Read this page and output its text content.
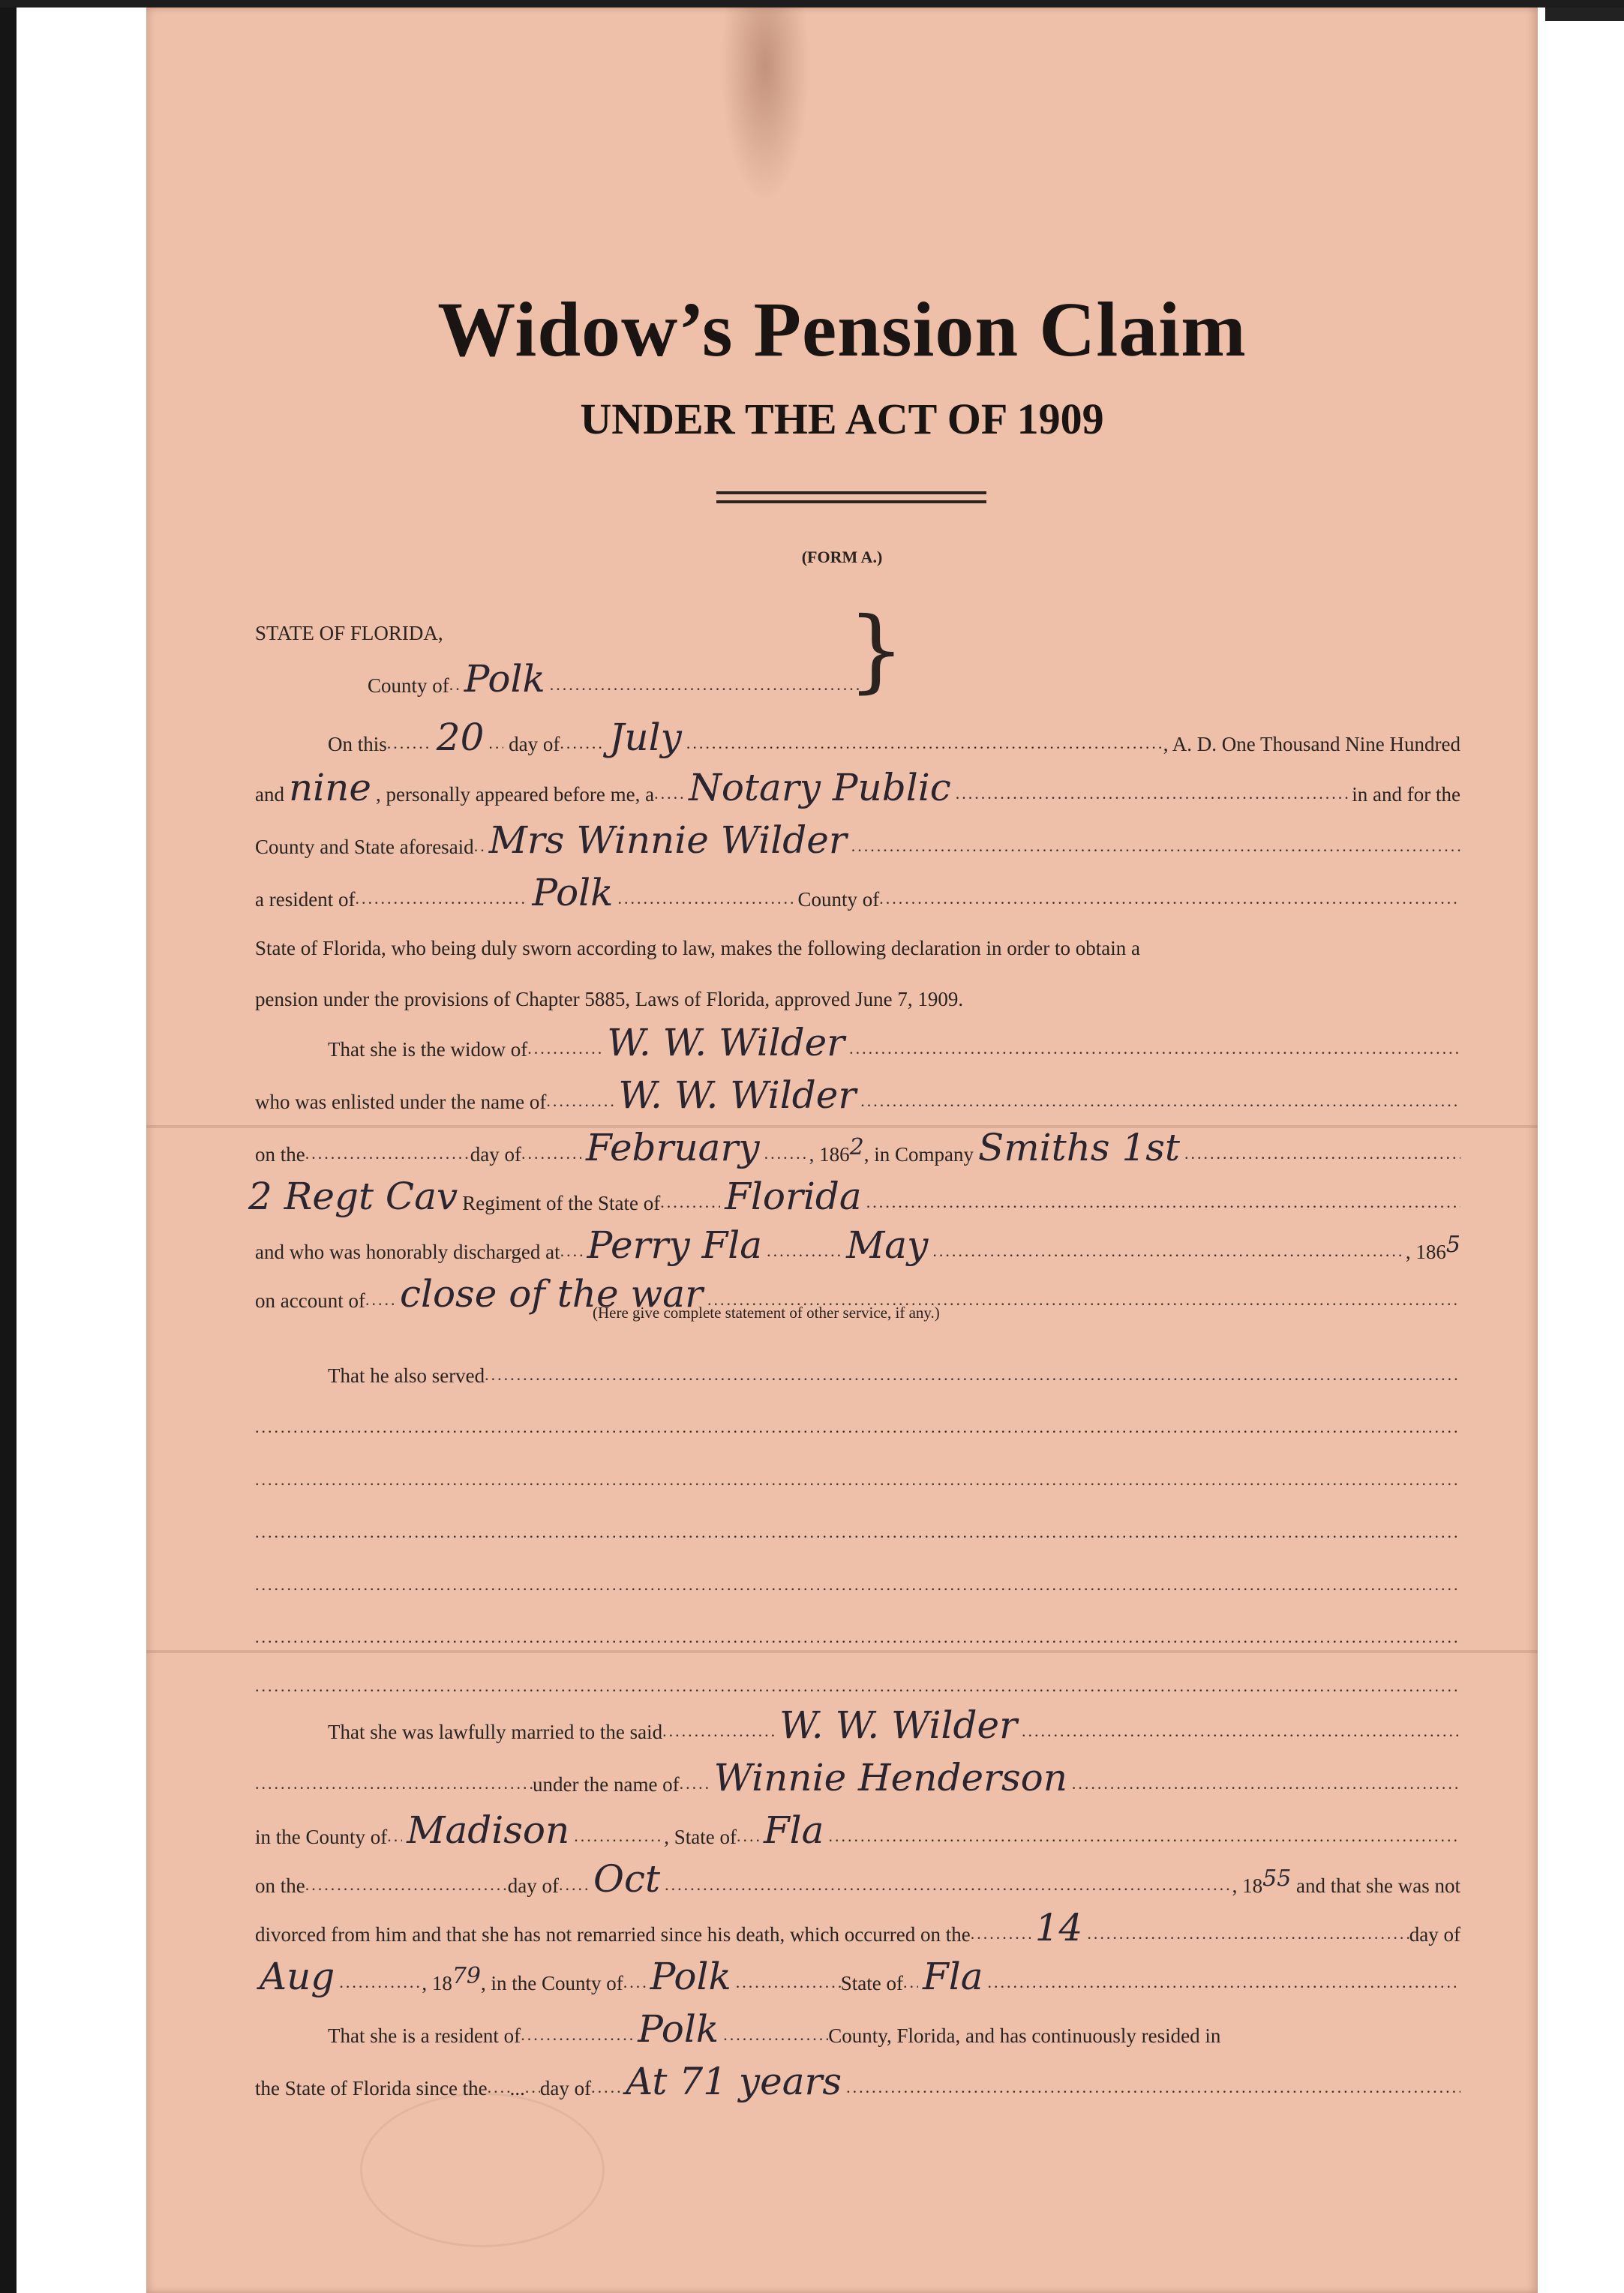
Widow’s Pension Claim
UNDER THE ACT OF 1909
(FORM A.)
STATE OF FLORIDA,
County of ..... Polk .....	}
On this ..... 20 .....
day of ..... July .....	, A. D. One Thousand Nine Hundred
and nine , personally appeared before me, a ..... Notary Public .....	in and for the
County and State aforesaid ..... Mrs Winnie Wilder
.....
a resident of .....	Polk .....	County of
.....
State of Florida, who being duly sworn according to law, makes the following declaration in order to obtain a
pension under the provisions of Chapter 5885, Laws of Florida, approved June 7, 1909.
That she is the widow of ..... W. W. Wilder
.....
who was enlisted under the name of ..... W. W. Wilder
.....
on the .....	day of ..... February ..... , 186 2 , in Company Smiths 1st
.....
2 Regt Cav Regiment of the State of ..... Florida
.....
and who was honorably discharged at ..... Perry Fla ..... May .....	, 186 5
on account of ..... close of the war
.....
(Here give complete statement of other service, if any.)
That he also served
.....
.....
.....
.....
.....
.....
.....
That she was lawfully married to the said .....	W. W. Wilder
.....
.....
under the name of ..... Winnie Henderson
.....
in the County of ..... Madison .....	, State of ..... Fla
.....
on the .....	day of ..... Oct .....	, 18 55
and that she was not
divorced from him and that she has not remarried since his death, which occurred on the ..... 14 .....	day of
Aug .....	, 18 79 , in the County of ..... Polk .....	State of ..... Fla
.....
That she is a resident of .....	Polk .....	County, Florida, and has continuously resided in
the State of Florida since the ..... ... ..... day of ..... At 71 years
.....
